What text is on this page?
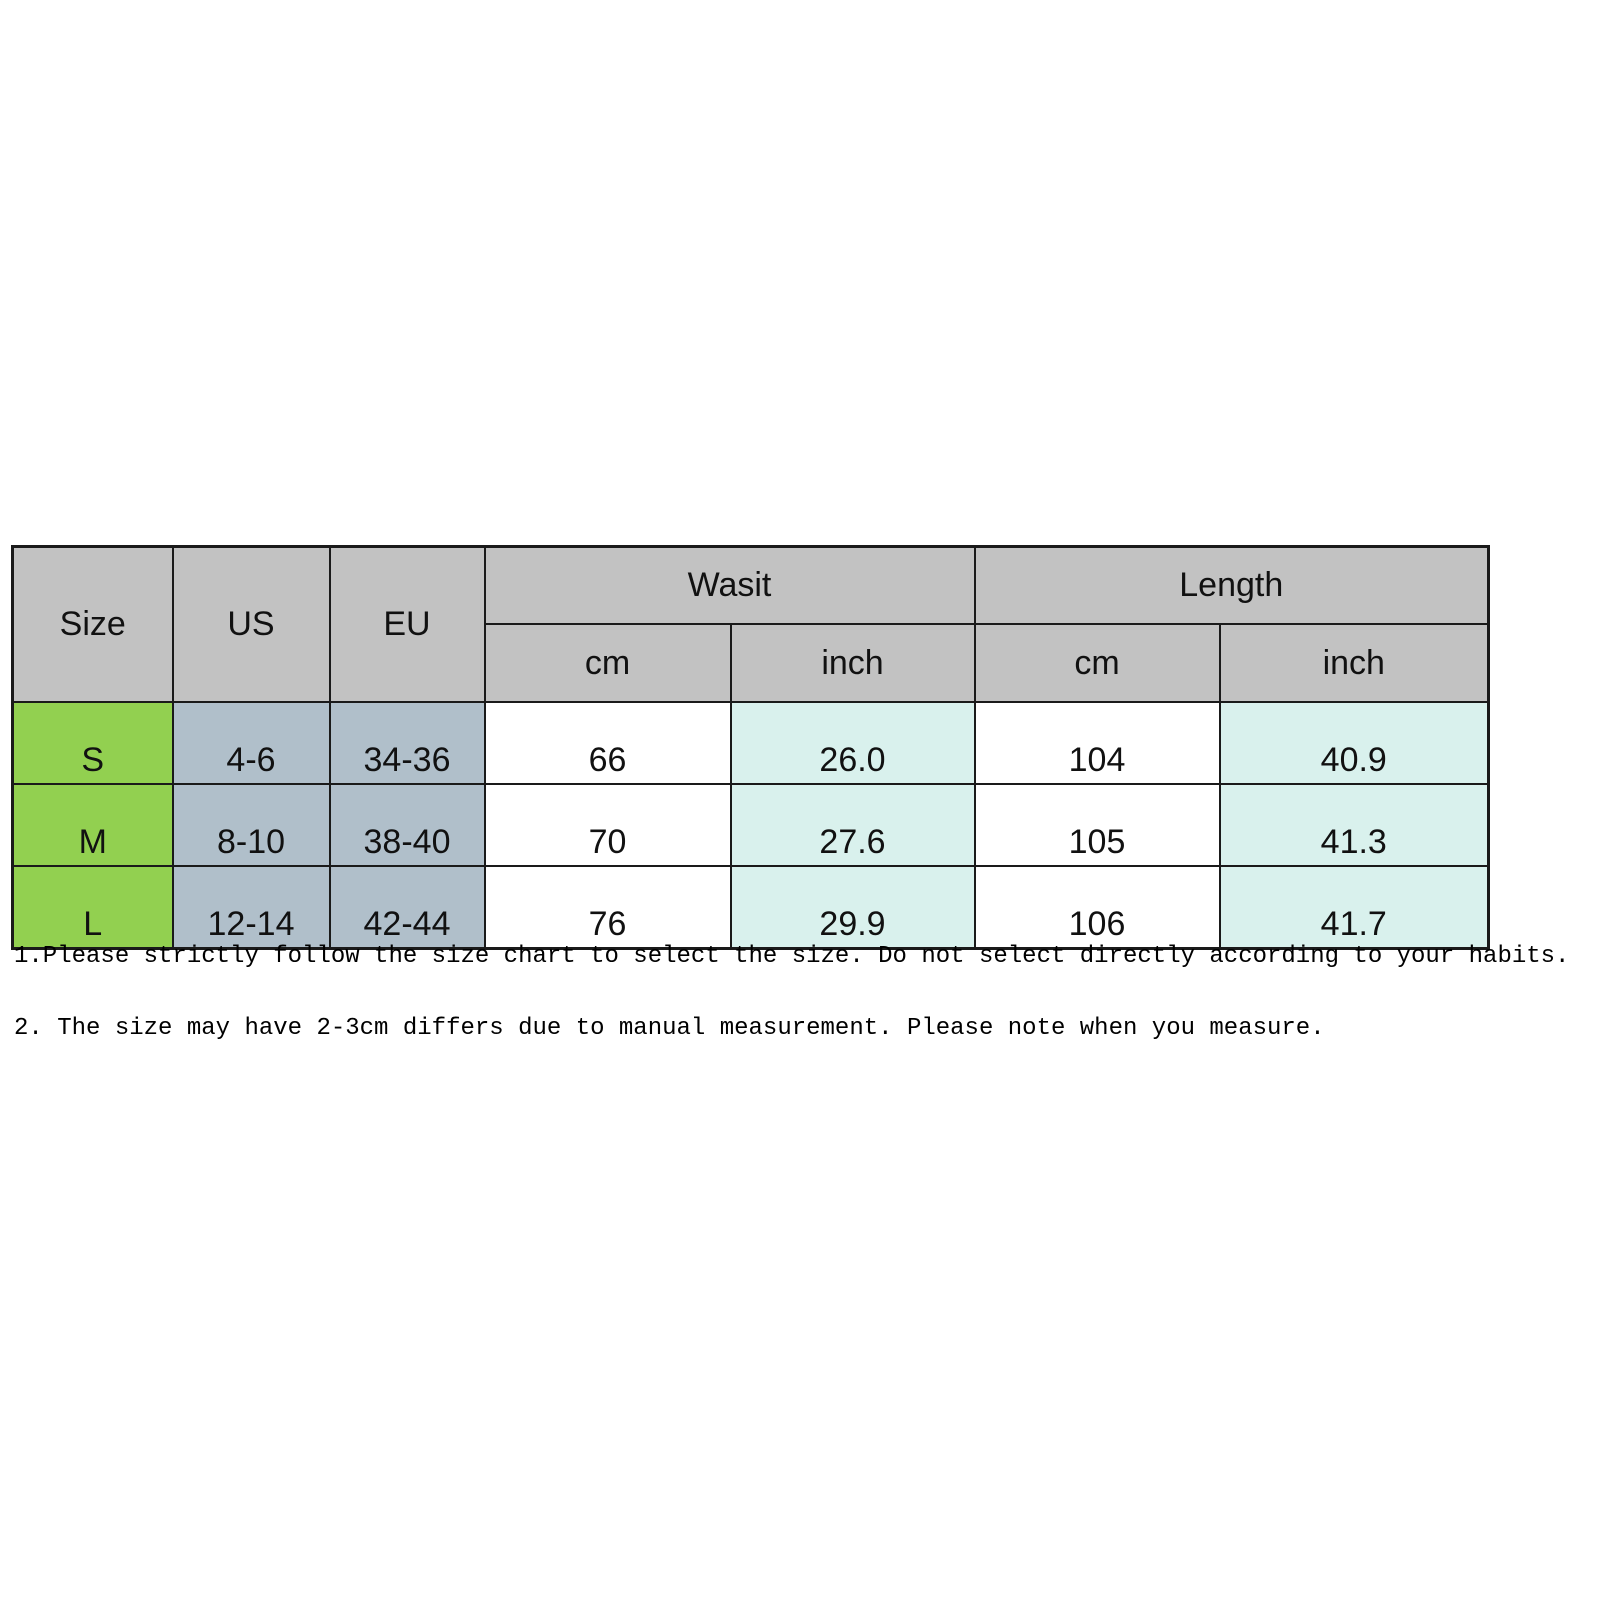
Size	US	EU	Wasit		Length	
			cm	inch	cm	inch
S	4-6	34-36	66	26.0	104	40.9
M	8-10	38-40	70	27.6	105	41.3
L	12-14	42-44	76	29.9	106	41.7

1.Please strictly follow the size chart to select the size. Do not select directly according to your habits.

2. The size may have 2-3cm differs due to manual measurement. Please note when you measure.
